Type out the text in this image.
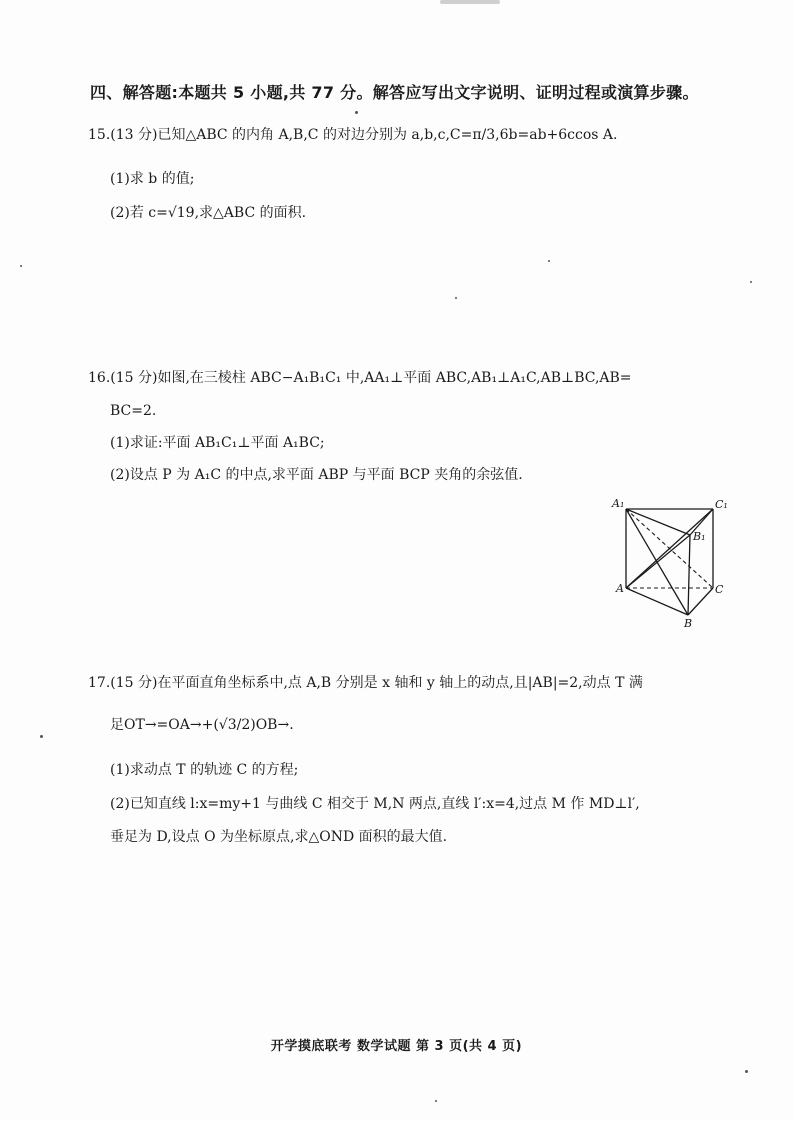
四、解答题:本题共 5 小题,共 77 分。解答应写出文字说明、证明过程或演算步骤。
15.(13 分)已知△ABC 的内角 A,B,C 的对边分别为 a,b,c,C=π/3,6b=ab+6ccos A.
(1)求 b 的值;
(2)若 c=√19,求△ABC 的面积.
16.(15 分)如图,在三棱柱 ABC−A₁B₁C₁ 中,AA₁⊥平面 ABC,AB₁⊥A₁C,AB⊥BC,AB=
BC=2.
(1)求证:平面 AB₁C₁⊥平面 A₁BC;
(2)设点 P 为 A₁C 的中点,求平面 ABP 与平面 BCP 夹角的余弦值.
A₁	C₁
B₁
A	C
B
17.(15 分)在平面直角坐标系中,点 A,B 分别是 x 轴和 y 轴上的动点,且|AB|=2,动点 T 满
足OT→=OA→+(√3/2)OB→.
(1)求动点 T 的轨迹 C 的方程;
(2)已知直线 l:x=my+1 与曲线 C 相交于 M,N 两点,直线 l′:x=4,过点 M 作 MD⊥l′,
垂足为 D,设点 O 为坐标原点,求△OND 面积的最大值.
开学摸底联考 数学试题 第 3 页(共 4 页)
